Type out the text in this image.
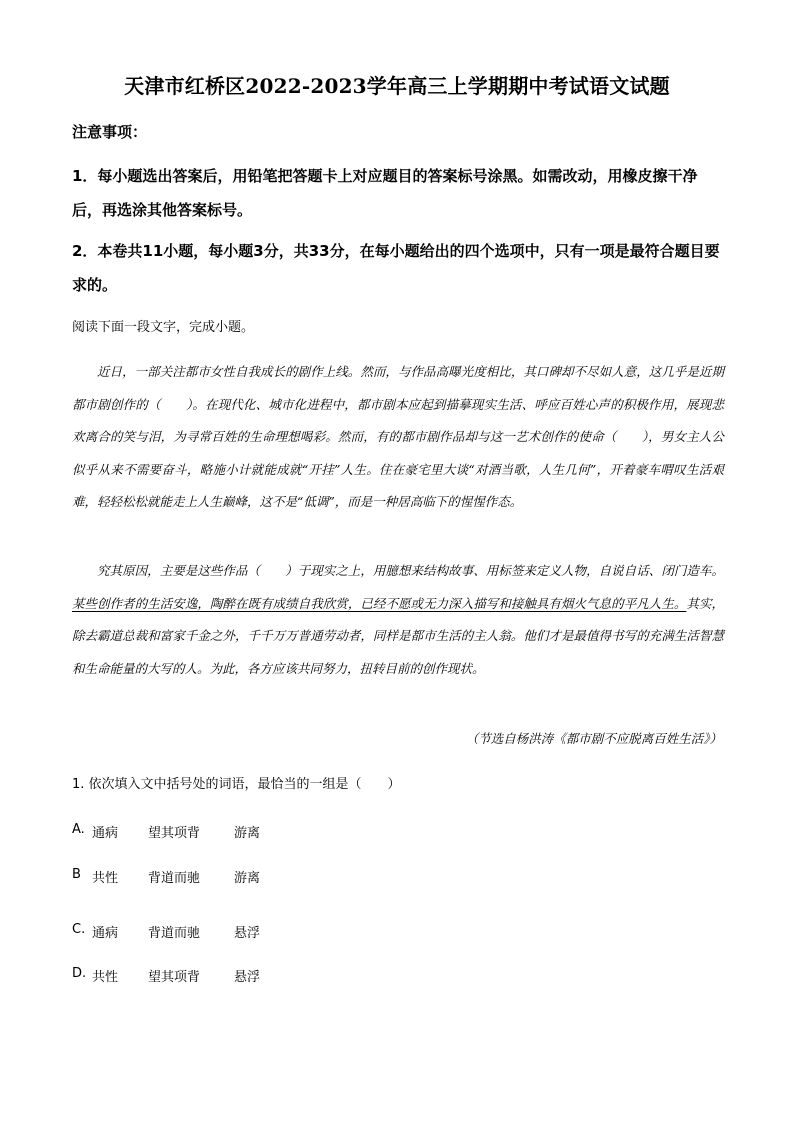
天津市红桥区2022-2023学年高三上学期期中考试语文试题
注意事项：
1．每小题选出答案后，用铅笔把答题卡上对应题目的答案标号涂黑。如需改动，用橡皮擦干净后，再选涂其他答案标号。
2．本卷共11小题，每小题3分，共33分，在每小题给出的四个选项中，只有一项是最符合题目要求的。
阅读下面一段文字，完成小题。

近日，一部关注都市女性自我成长的剧作上线。然而，与作品高曝光度相比，其口碑却不尽如人意，这几乎是近期都市剧创作的（　　）。在现代化、城市化进程中，都市剧本应起到描摹现实生活、呼应百姓心声的积极作用，展现悲欢离合的笑与泪，为寻常百姓的生命理想喝彩。然而，有的都市剧作品却与这一艺术创作的使命（　　），男女主人公似乎从来不需要奋斗，略施小计就能成就“开挂”人生。住在豪宅里大谈“对酒当歌，人生几何”，开着豪车喟叹生活艰难，轻轻松松就能走上人生巅峰，这不是“低调”，而是一种居高临下的惺惺作态。

究其原因，主要是这些作品（　　）于现实之上，用臆想来结构故事、用标签来定义人物，自说自话、闭门造车。某些创作者的生活安逸，陶醉在既有成绩自我欣赏，已经不愿或无力深入描写和接触具有烟火气息的平凡人生。其实，除去霸道总裁和富家千金之外，千千万万普通劳动者，同样是都市生活的主人翁。他们才是最值得书写的充满生活智慧和生命能量的大写的人。为此，各方应该共同努力，扭转目前的创作现状。

（节选自杨洪涛《都市剧不应脱离百姓生活》）
1. 依次填入文中括号处的词语，最恰当的一组是（　　）
A. 通病	望其项背	游离
B 共性	背道而驰	游离
C. 通病	背道而驰	悬浮
D. 共性	望其项背	悬浮
